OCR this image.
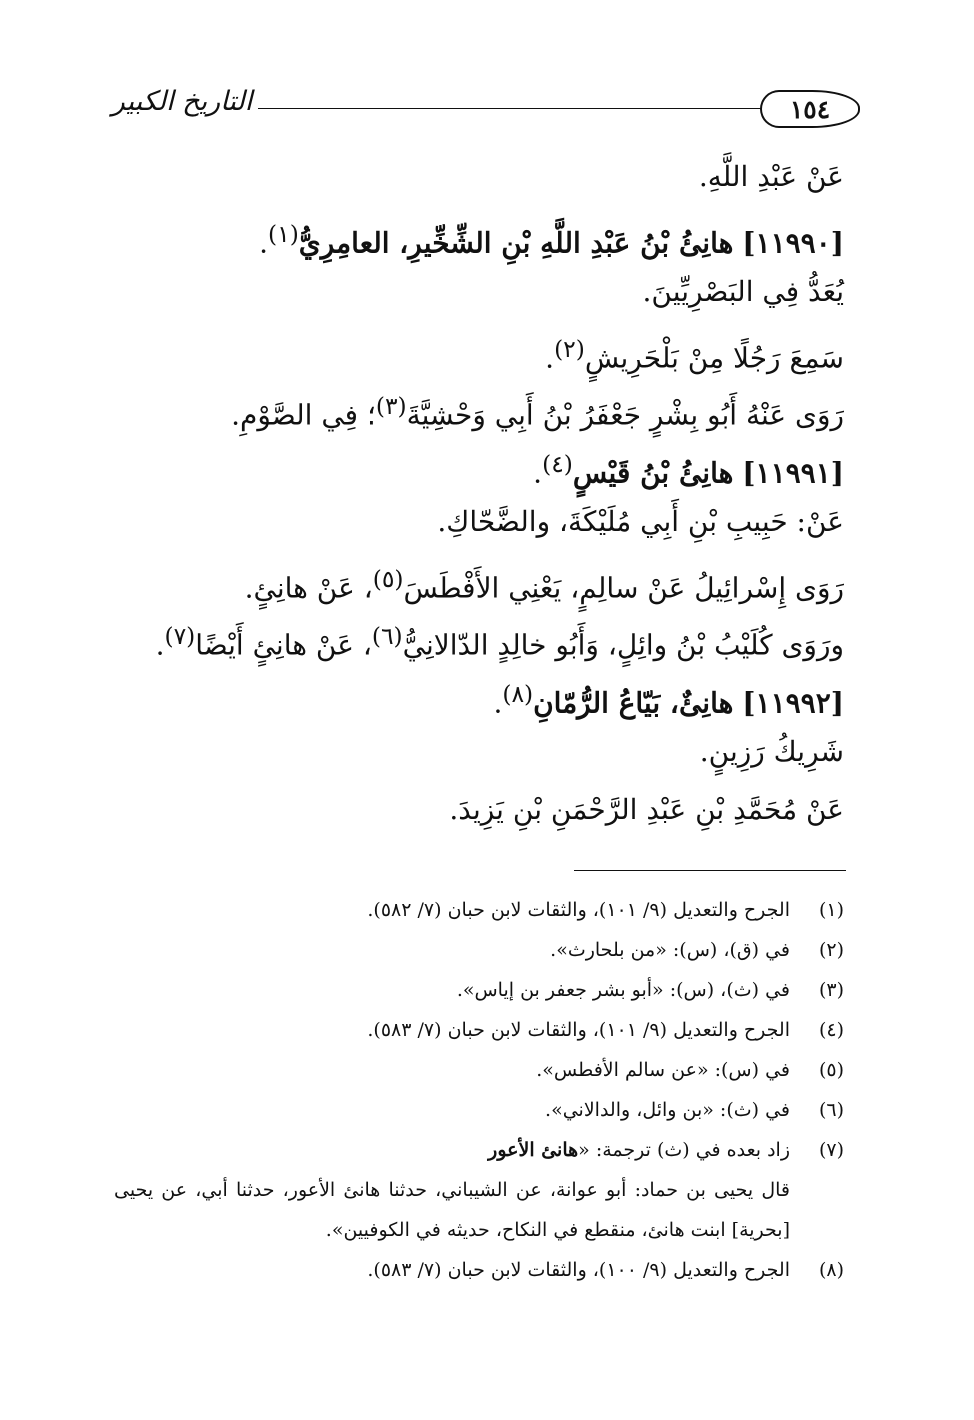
١٥٤
التاريخ الكبير
عَنْ عَبْدِ اللَّهِ.
[١١٩٩٠] هانِئُ بْنُ عَبْدِ اللَّهِ بْنِ الشِّخِّيرِ، العامِرِيُّ$^{(١)}$.
يُعَدُّ فِي البَصْرِيِّينَ.
سَمِعَ رَجُلًا مِنْ بَلْحَرِيشٍ$^{(٢)}$.
رَوَى عَنْهُ أَبُو بِشْرٍ جَعْفَرُ بْنُ أَبِي وَحْشِيَّةَ$^{(٣)}$؛ فِي الصَّوْمِ.
[١١٩٩١] هانِئُ بْنُ قَيْسٍ$^{(٤)}$.
عَنْ: حَبِيبِ بْنِ أَبِي مُلَيْكَةَ، والضَّحّاكِ.
رَوَى إِسْرائِيلُ عَنْ سالِمٍ، يَعْنِي الأَفْطَسَ$^{(٥)}$، عَنْ هانِئٍ.
ورَوَى كُلَيْبُ بْنُ وائِلٍ، وَأَبُو خالِدٍ الدّالانِيُّ$^{(٦)}$، عَنْ هانِئٍ أَيْضًا$^{(٧)}$.
[١١٩٩٢] هانِئٌ، بَيّاعُ الرُّمّانِ$^{(٨)}$.
شَرِيكُ رَزِينٍ.
عَنْ مُحَمَّدِ بْنِ عَبْدِ الرَّحْمَنِ بْنِ يَزِيدَ.
(١)
الجرح والتعديل (٩/ ١٠١)، والثقات لابن حبان (٧/ ٥٨٢).
(٢)
في (ق)، (س): «من بلحارث».
(٣)
في (ث)، (س): «أبو بشر جعفر بن إياس».
(٤)
الجرح والتعديل (٩/ ١٠١)، والثقات لابن حبان (٧/ ٥٨٣).
(٥)
في (س): «عن سالم الأفطس».
(٦)
في (ث): «بن وائل، والدالاني».
(٧)
زاد بعده في (ث) ترجمة: «هانئ الأعور
قال يحيى بن حماد: أبو عوانة، عن الشيباني، حدثنا هانئ الأعور، حدثنا أبي، عن يحيى
[بحرية] ابنت هانئ، منقطع في النكاح، حديثه في الكوفيين».
(٨)
الجرح والتعديل (٩/ ١٠٠)، والثقات لابن حبان (٧/ ٥٨٣).
